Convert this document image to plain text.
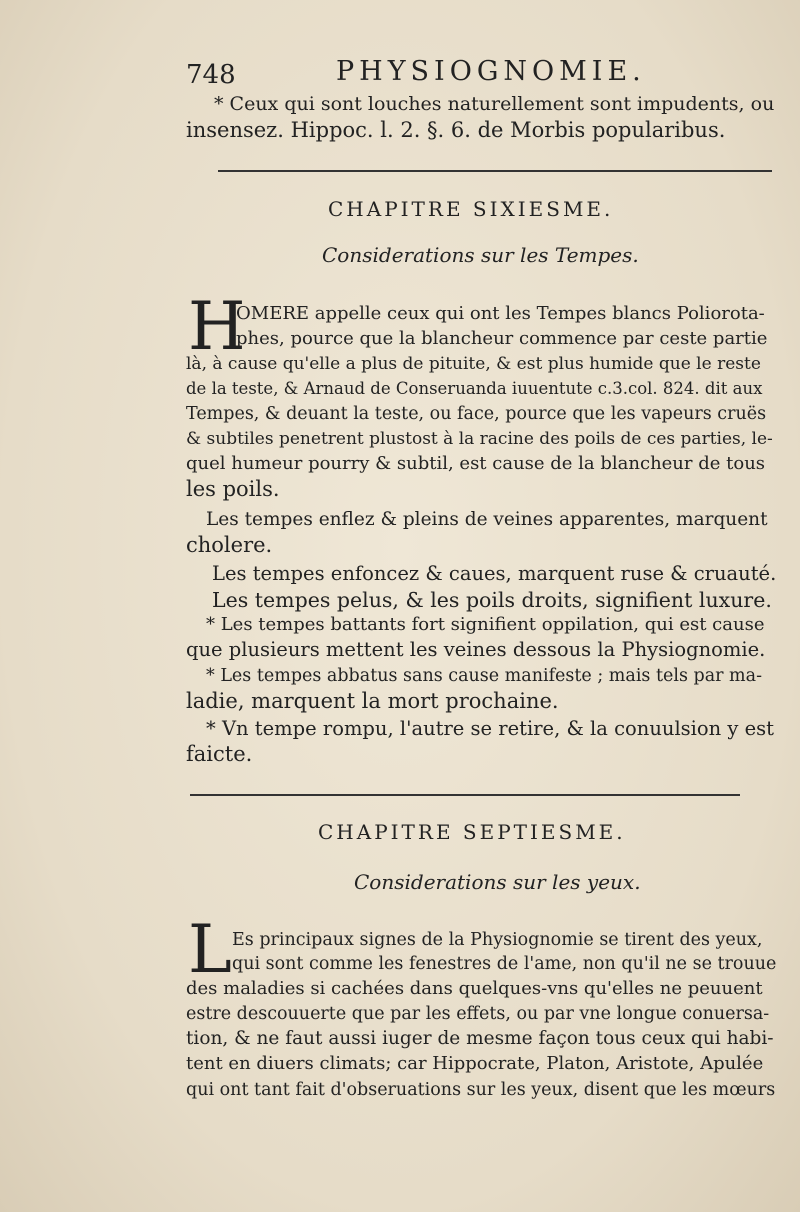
748	PHYSIOGNOMIE.
* Ceux qui sont louches naturellement sont impudents, ou
insensez. Hippoc. l. 2. §. 6. de Morbis popularibus.
CHAPITRE SIXIESME.
Considerations sur les Tempes.
H
OMERE appelle ceux qui ont les Tempes blancs Poliorota-
phes, pource que la blancheur commence par ceste partie
là, à cause qu'elle a plus de pituite, & est plus humide que le reste
de la teste, & Arnaud de Conseruanda iuuentute c.3.col. 824. dit aux
Tempes, & deuant la teste, ou face, pource que les vapeurs cruës
& subtiles penetrent plustost à la racine des poils de ces parties, le-
quel humeur pourry & subtil, est cause de la blancheur de tous
les poils.
Les tempes enflez & pleins de veines apparentes, marquent
cholere.
Les tempes enfoncez & caues, marquent ruse & cruauté.
Les tempes pelus, & les poils droits, signifient luxure.
* Les tempes battants fort signifient oppilation, qui est cause
que plusieurs mettent les veines dessous la Physiognomie.
* Les tempes abbatus sans cause manifeste ; mais tels par ma-
ladie, marquent la mort prochaine.
* Vn tempe rompu, l'autre se retire, & la conuulsion y est
faicte.
CHAPITRE SEPTIESME.
Considerations sur les yeux.
L Es principaux signes de la Physiognomie se tirent des yeux,
qui sont comme les fenestres de l'ame, non qu'il ne se trouue
des maladies si cachées dans quelques-vns qu'elles ne peuuent
estre descouuerte que par les effets, ou par vne longue conuersa-
tion, & ne faut aussi iuger de mesme façon tous ceux qui habi-
tent en diuers climats; car Hippocrate, Platon, Aristote, Apulée
qui ont tant fait d'obseruations sur les yeux, disent que les mœurs
